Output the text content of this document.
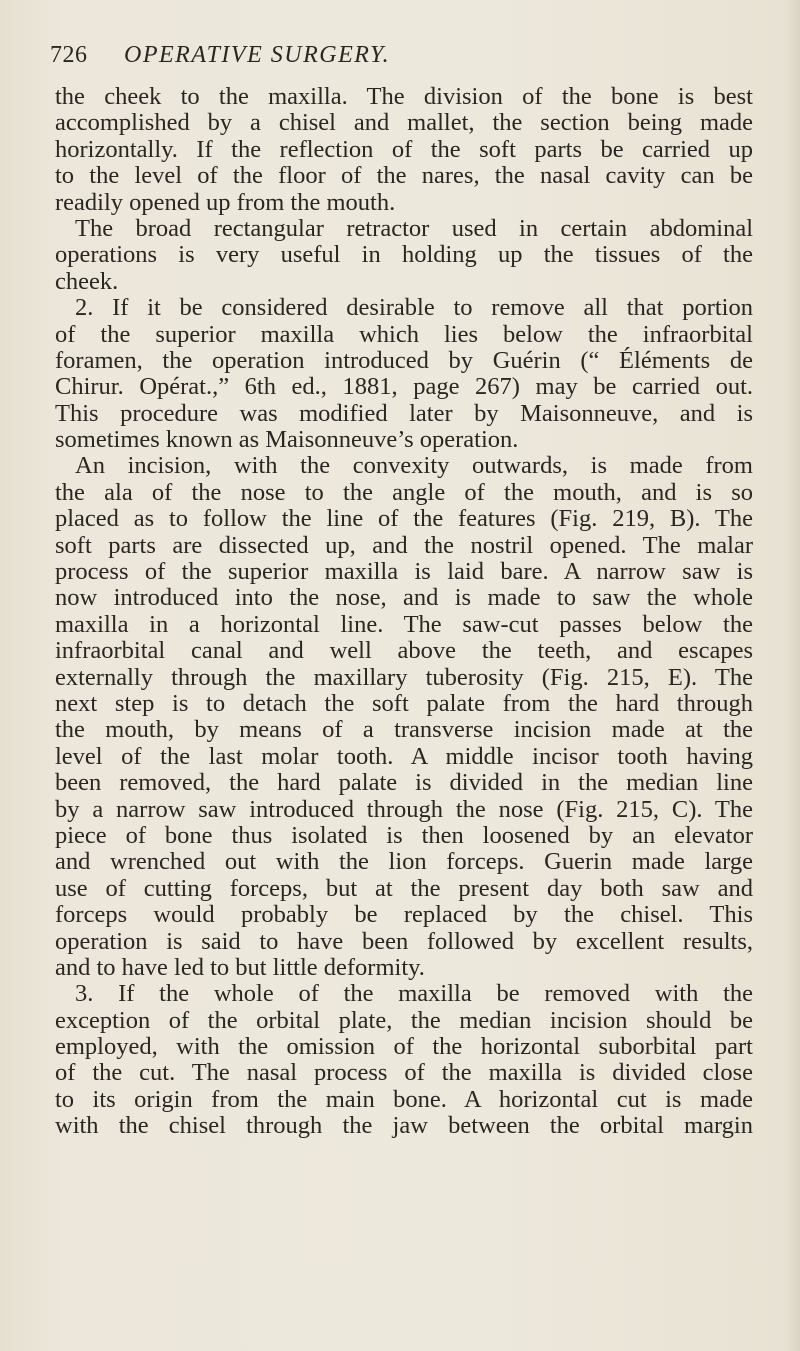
726 OPERATIVE SURGERY.
the cheek to the maxilla. The division of the bone is best
accomplished by a chisel and mallet, the section being made
horizontally. If the reflection of the soft parts be carried up
to the level of the floor of the nares, the nasal cavity can be
readily opened up from the mouth.
The broad rectangular retractor used in certain abdominal
operations is very useful in holding up the tissues of the
cheek.
2. If it be considered desirable to remove all that portion
of the superior maxilla which lies below the infraorbital
foramen, the operation introduced by Guérin (“ Éléments de
Chirur. Opérat.,” 6th ed., 1881, page 267) may be carried out.
This procedure was modified later by Maisonneuve, and is
sometimes known as Maisonneuve’s operation.
An incision, with the convexity outwards, is made from
the ala of the nose to the angle of the mouth, and is so
placed as to follow the line of the features (Fig. 219, B). The
soft parts are dissected up, and the nostril opened. The malar
process of the superior maxilla is laid bare. A narrow saw is
now introduced into the nose, and is made to saw the whole
maxilla in a horizontal line. The saw-cut passes below the
infraorbital canal and well above the teeth, and escapes
externally through the maxillary tuberosity (Fig. 215, E). The
next step is to detach the soft palate from the hard through
the mouth, by means of a transverse incision made at the
level of the last molar tooth. A middle incisor tooth having
been removed, the hard palate is divided in the median line
by a narrow saw introduced through the nose (Fig. 215, C). The
piece of bone thus isolated is then loosened by an elevator
and wrenched out with the lion forceps. Guerin made large
use of cutting forceps, but at the present day both saw and
forceps would probably be replaced by the chisel. This
operation is said to have been followed by excellent results,
and to have led to but little deformity.
3. If the whole of the maxilla be removed with the
exception of the orbital plate, the median incision should be
employed, with the omission of the horizontal suborbital part
of the cut. The nasal process of the maxilla is divided close
to its origin from the main bone. A horizontal cut is made
with the chisel through the jaw between the orbital margin
